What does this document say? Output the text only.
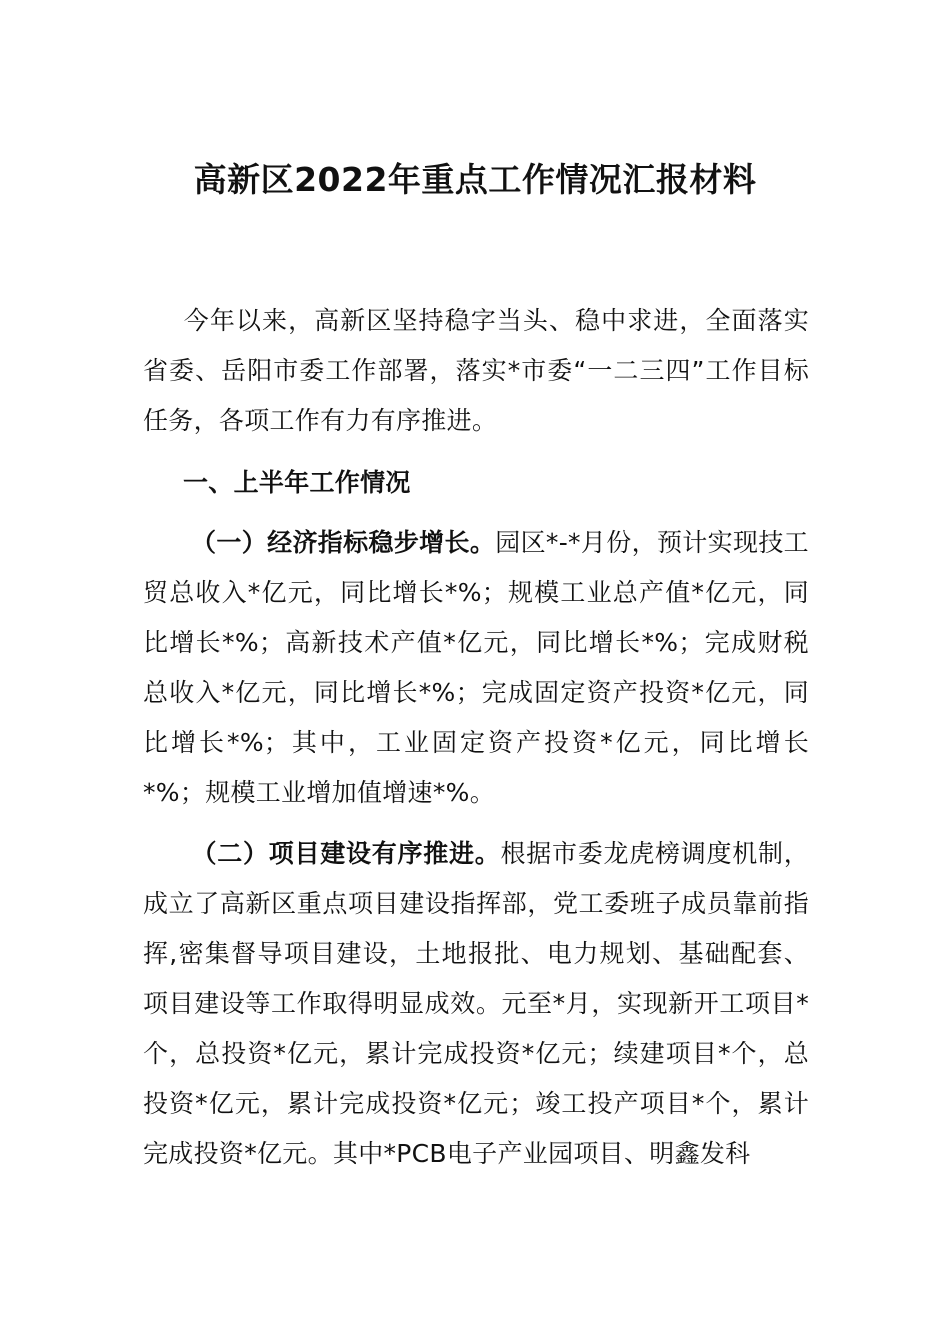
高新区2022年重点工作情况汇报材料

今年以来，高新区坚持稳字当头、稳中求进，全面落实省委、岳阳市委工作部署，落实*市委“一二三四”工作目标任务，各项工作有力有序推进。

一、上半年工作情况

（一）经济指标稳步增长。园区*-*月份，预计实现技工贸总收入*亿元，同比增长*%；规模工业总产值*亿元，同比增长*%；高新技术产值*亿元，同比增长*%；完成财税总收入*亿元，同比增长*%；完成固定资产投资*亿元，同比增长*%；其中，工业固定资产投资*亿元，同比增长*%；规模工业增加值增速*%。

（二）项目建设有序推进。根据市委龙虎榜调度机制，成立了高新区重点项目建设指挥部，党工委班子成员靠前指挥,密集督导项目建设，土地报批、电力规划、基础配套、项目建设等工作取得明显成效。元至*月，实现新开工项目*个，总投资*亿元，累计完成投资*亿元；续建项目*个，总投资*亿元，累计完成投资*亿元；竣工投产项目*个，累计完成投资*亿元。其中*PCB电子产业园项目、明鑫发科
